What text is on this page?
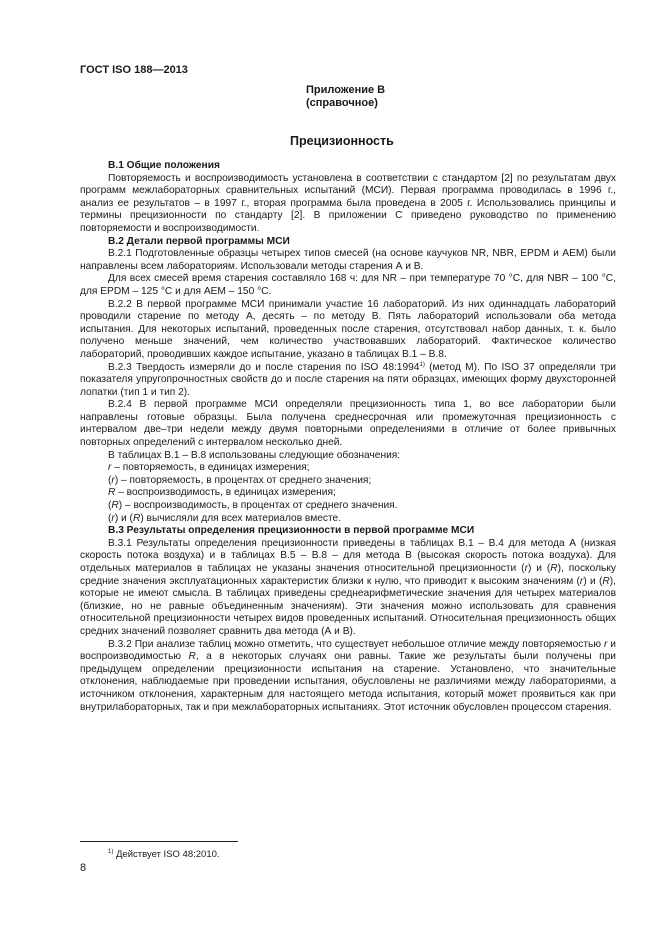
ГОСТ ISO 188—2013
Приложение В
(справочное)
Прецизионность

В.1 Общие положения

Повторяемость и воспроизводимость установлена в соответствии с стандартом [2] по результатам двух программ межлабораторных сравнительных испытаний (МСИ). Первая программа проводилась в 1996 г., анализ ее результатов – в 1997 г., вторая программа была проведена в 2005 г. Использовались принципы и термины прецизионности по стандарту [2]. В приложении С приведено руководство по применению повторяемости и воспроизводимости.

В.2 Детали первой программы МСИ

В.2.1 Подготовленные образцы четырех типов смесей (на основе каучуков NR, NBR, EPDM и AEM) были направлены всем лабораториям. Использовали методы старения А и В.

Для всех смесей время старения составляло 168 ч: для NR – при температуре 70 °С, для NBR – 100 °С, для EPDM – 125 °С и для AEM – 150 °С.

В.2.2 В первой программе МСИ принимали участие 16 лабораторий. Из них одиннадцать лабораторий проводили старение по методу А, десять – по методу В. Пять лабораторий использовали оба метода испытания. Для некоторых испытаний, проведенных после старения, отсутствовал набор данных, т. к. было получено меньше значений, чем количество участвовавших лабораторий. Фактическое количество лабораторий, проводивших каждое испытание, указано в таблицах В.1 – В.8.

В.2.3 Твердость измеряли до и после старения по ISO 48:1994$^{1)}$ (метод М). По ISO 37 определяли три показателя упругопрочностных свойств до и после старения на пяти образцах, имеющих форму двухсторонней лопатки (тип 1 и тип 2).

В.2.4 В первой программе МСИ определяли прецизионность типа 1, во все лаборатории были направлены готовые образцы. Была получена среднесрочная или промежуточная прецизионность с интервалом две–три недели между двумя повторными определениями в отличие от более привычных повторных определений с интервалом несколько дней.

В таблицах В.1 – В.8 использованы следующие обозначения:

r – повторяемость, в единицах измерения;

(r) – повторяемость, в процентах от среднего значения;

R – воспроизводимость, в единицах измерения;

(R) – воспроизводимость, в процентах от среднего значения.

(r) и (R) вычисляли для всех материалов вместе.

В.3 Результаты определения прецизионности в первой программе МСИ

В.3.1 Результаты определения прецизионности приведены в таблицах В.1 – В.4 для метода А (низкая скорость потока воздуха) и в таблицах В.5 – В.8 – для метода В (высокая скорость потока воздуха). Для отдельных материалов в таблицах не указаны значения относительной прецизионности (r) и (R), поскольку средние значения эксплуатационных характеристик близки к нулю, что приводит к высоким значениям (r) и (R), которые не имеют смысла. В таблицах приведены среднеарифметические значения для четырех материалов (близкие, но не равные объединенным значениям). Эти значения можно использовать для сравнения относительной прецизионности четырех видов проведенных испытаний. Относительная прецизионность общих средних значений позволяет сравнить два метода (А и В).

В.3.2 При анализе таблиц можно отметить, что существует небольшое отличие между повторяемостью r и воспроизводимостью R, а в некоторых случаях они равны. Такие же результаты были получены при предыдущем определении прецизионности испытания на старение. Установлено, что значительные отклонения, наблюдаемые при проведении испытания, обусловлены не различиями между лабораториями, а источником отклонения, характерным для настоящего метода испытания, который может проявиться как при внутрилабораторных, так и при межлабораторных испытаниях. Этот источник обусловлен процессом старения.

$^{1)}$ Действует ISO 48:2010.
8
